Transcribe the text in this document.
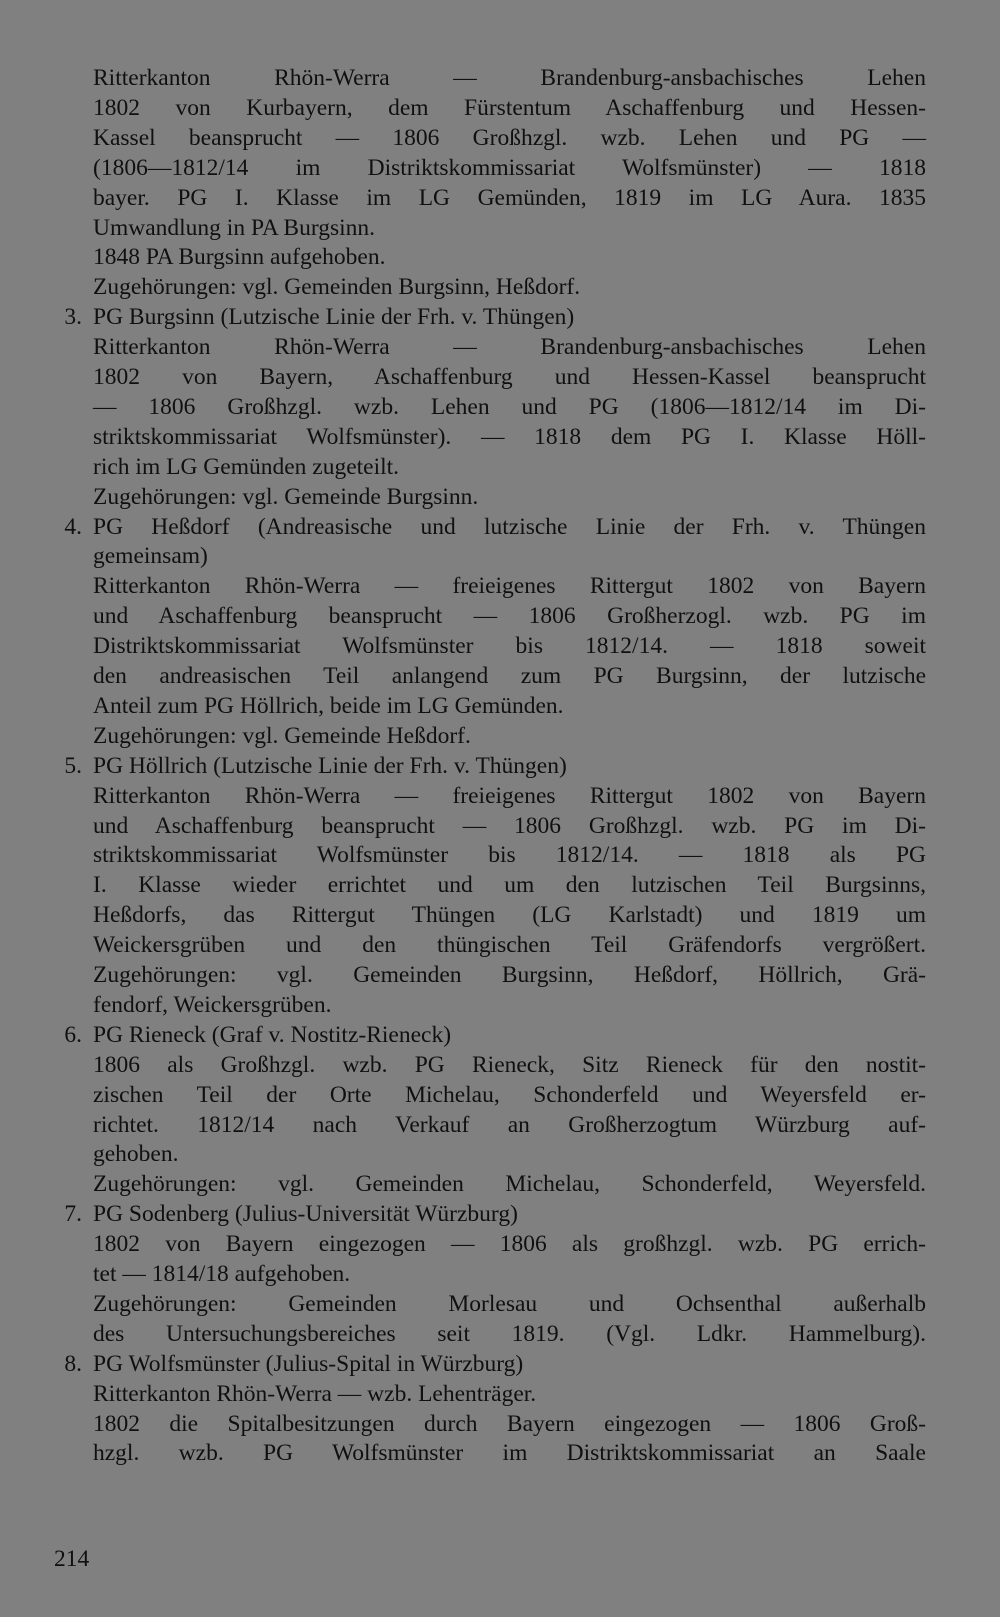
Ritterkanton Rhön-Werra — Brandenburg-ansbachisches Lehen
1802 von Kurbayern, dem Fürstentum Aschaffenburg und Hessen-
Kassel beansprucht — 1806 Großhzgl. wzb. Lehen und PG —
(1806—1812/14 im Distriktskommissariat Wolfsmünster) — 1818
bayer. PG I. Klasse im LG Gemünden, 1819 im LG Aura. 1835
Umwandlung in PA Burgsinn.
1848 PA Burgsinn aufgehoben.
Zugehörungen: vgl. Gemeinden Burgsinn, Heßdorf.
3. PG Burgsinn (Lutzische Linie der Frh. v. Thüngen)
Ritterkanton Rhön-Werra — Brandenburg-ansbachisches Lehen
1802 von Bayern, Aschaffenburg und Hessen-Kassel beansprucht
— 1806 Großhzgl. wzb. Lehen und PG (1806—1812/14 im Di-
striktskommissariat Wolfsmünster). — 1818 dem PG I. Klasse Höll-
rich im LG Gemünden zugeteilt.
Zugehörungen: vgl. Gemeinde Burgsinn.
4. PG Heßdorf (Andreasische und lutzische Linie der Frh. v. Thüngen
gemeinsam)
Ritterkanton Rhön-Werra — freieigenes Rittergut 1802 von Bayern
und Aschaffenburg beansprucht — 1806 Großherzogl. wzb. PG im
Distriktskommissariat Wolfsmünster bis 1812/14. — 1818 soweit
den andreasischen Teil anlangend zum PG Burgsinn, der lutzische
Anteil zum PG Höllrich, beide im LG Gemünden.
Zugehörungen: vgl. Gemeinde Heßdorf.
5. PG Höllrich (Lutzische Linie der Frh. v. Thüngen)
Ritterkanton Rhön-Werra — freieigenes Rittergut 1802 von Bayern
und Aschaffenburg beansprucht — 1806 Großhzgl. wzb. PG im Di-
striktskommissariat Wolfsmünster bis 1812/14. — 1818 als PG
I. Klasse wieder errichtet und um den lutzischen Teil Burgsinns,
Heßdorfs, das Rittergut Thüngen (LG Karlstadt) und 1819 um
Weickersgrüben und den thüngischen Teil Gräfendorfs vergrößert.
Zugehörungen: vgl. Gemeinden Burgsinn, Heßdorf, Höllrich, Grä-
fendorf, Weickersgrüben.
6. PG Rieneck (Graf v. Nostitz-Rieneck)
1806 als Großhzgl. wzb. PG Rieneck, Sitz Rieneck für den nostit-
zischen Teil der Orte Michelau, Schonderfeld und Weyersfeld er-
richtet. 1812/14 nach Verkauf an Großherzogtum Würzburg auf-
gehoben.
Zugehörungen: vgl. Gemeinden Michelau, Schonderfeld, Weyersfeld.
7. PG Sodenberg (Julius-Universität Würzburg)
1802 von Bayern eingezogen — 1806 als großhzgl. wzb. PG errich-
tet — 1814/18 aufgehoben.
Zugehörungen: Gemeinden Morlesau und Ochsenthal außerhalb
des Untersuchungsbereiches seit 1819. (Vgl. Ldkr. Hammelburg).
8. PG Wolfsmünster (Julius-Spital in Würzburg)
Ritterkanton Rhön-Werra — wzb. Lehenträger.
1802 die Spitalbesitzungen durch Bayern eingezogen — 1806 Groß-
hzgl. wzb. PG Wolfsmünster im Distriktskommissariat an Saale
214
